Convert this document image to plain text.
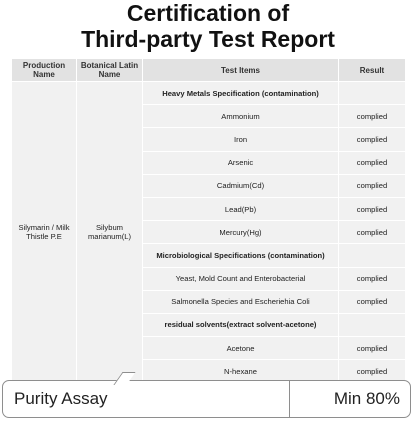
Certification of
Third-party Test Report
Production Name	Botanical Latin Name	Test Items	Result
Silymarin / Milk Thistle P.E	Silybum marianum(L)	Heavy Metals Specification (contamination)	
		Ammonium	complied
		Iron	complied
		Arsenic	complied
		Cadmium(Cd)	complied
		Lead(Pb)	complied
		Mercury(Hg)	complied
		Microbiological Specifications (contamination)	
		Yeast, Mold Count and Enterobacterial	complied
		Salmonella Species and Escheriehia Coli	complied
		residual solvents(extract solvent-acetone)	
		Acetone	complied
		N-hexane	complied
Purity Assay	Min 80%
